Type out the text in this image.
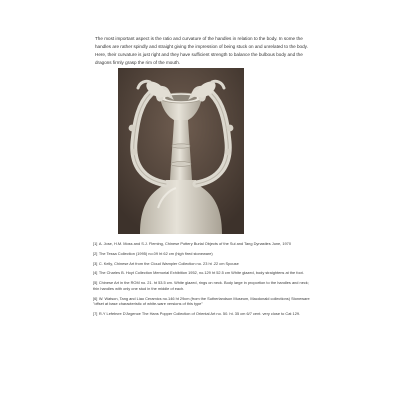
The most important aspect is the ratio and curvature of the handles in relation to the body. In some the handles are rather spindly and straight giving the impression of being stuck on and unrelated to the body. Here, their curvature is just right and they have sufficient strength to balance the bulbous body and the dragons firmly grasp the rim of the mouth.

[1] A. Jose, H.M. Moss and S.J. Fleming, Chinese Pottery Burial Objects of the Sui and Tang Dynasties June, 1970

[2] The Tessa Collection (1995) no.09 ht 62 cm (high fired stoneware)

[3] C. Kelly, Chinese Art from the Cloud Wampler Collection no. 23 ht .22 cm Spouse

[4] The Charles B. Hoyt Collection Memorial Exhibition 1952, no.129 ht 52.5 cm White glazed, body straightens at the foot.

[5] Chinese Art in the ROM no. 21. ht 53.5 cm. White glazed, rings on neck. Body large in proportion to the handles and neck; thin handles with only one stud in the middle of each.

[6] W. Watson, Tang and Liao Ceramics no.146 ht 29cm (from the Sutherlandson Museum, Macdonald collections) Stoneware "offset at base characteristic of white-ware versions of this type"

[7] R-Y Lefebvre D'Argence The Hans Popper Collection of Oriental Art no. 50. ht. 35 cm 6/7 cent. very close to Cat 129.
